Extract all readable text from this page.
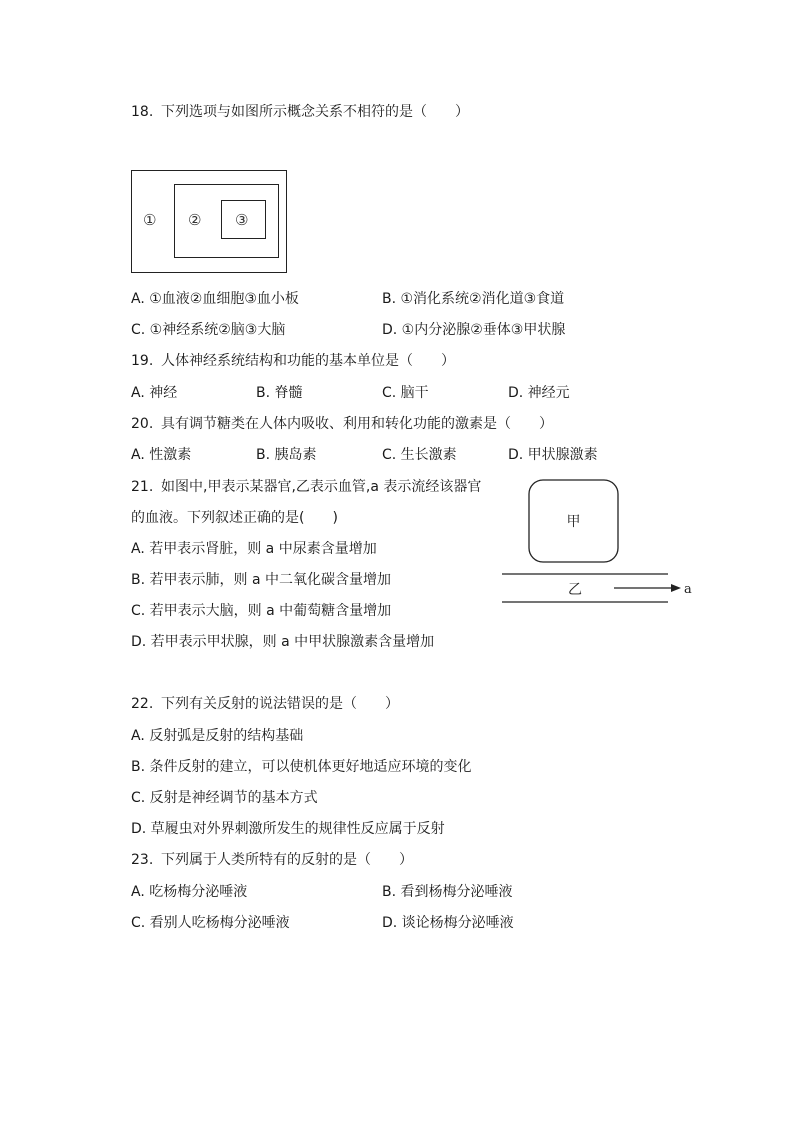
18. 下列选项与如图所示概念关系不相符的是（　　）
① ② ③
A. ①血液②血细胞③血小板	B. ①消化系统②消化道③食道
C. ①神经系统②脑③大脑	D. ①内分泌腺②垂体③甲状腺
19. 人体神经系统结构和功能的基本单位是（　　）
A. 神经	B. 脊髓	C. 脑干	D. 神经元
20. 具有调节糖类在人体内吸收、利用和转化功能的激素是（　　）
A. 性激素	B. 胰岛素	C. 生长激素	D. 甲状腺激素
21. 如图中,甲表示某器官,乙表示血管,a 表示流经该器官
的血液。下列叙述正确的是(　　)
A. 若甲表示肾脏，则 a 中尿素含量增加
B. 若甲表示肺，则 a 中二氧化碳含量增加
C. 若甲表示大脑，则 a 中葡萄糖含量增加
D. 若甲表示甲状腺，则 a 中甲状腺激素含量增加
甲
乙	a
22. 下列有关反射的说法错误的是（　　）
A. 反射弧是反射的结构基础
B. 条件反射的建立，可以使机体更好地适应环境的变化
C. 反射是神经调节的基本方式
D. 草履虫对外界刺激所发生的规律性反应属于反射
23. 下列属于人类所特有的反射的是（　　）
A. 吃杨梅分泌唾液	B. 看到杨梅分泌唾液
C. 看别人吃杨梅分泌唾液	D. 谈论杨梅分泌唾液
